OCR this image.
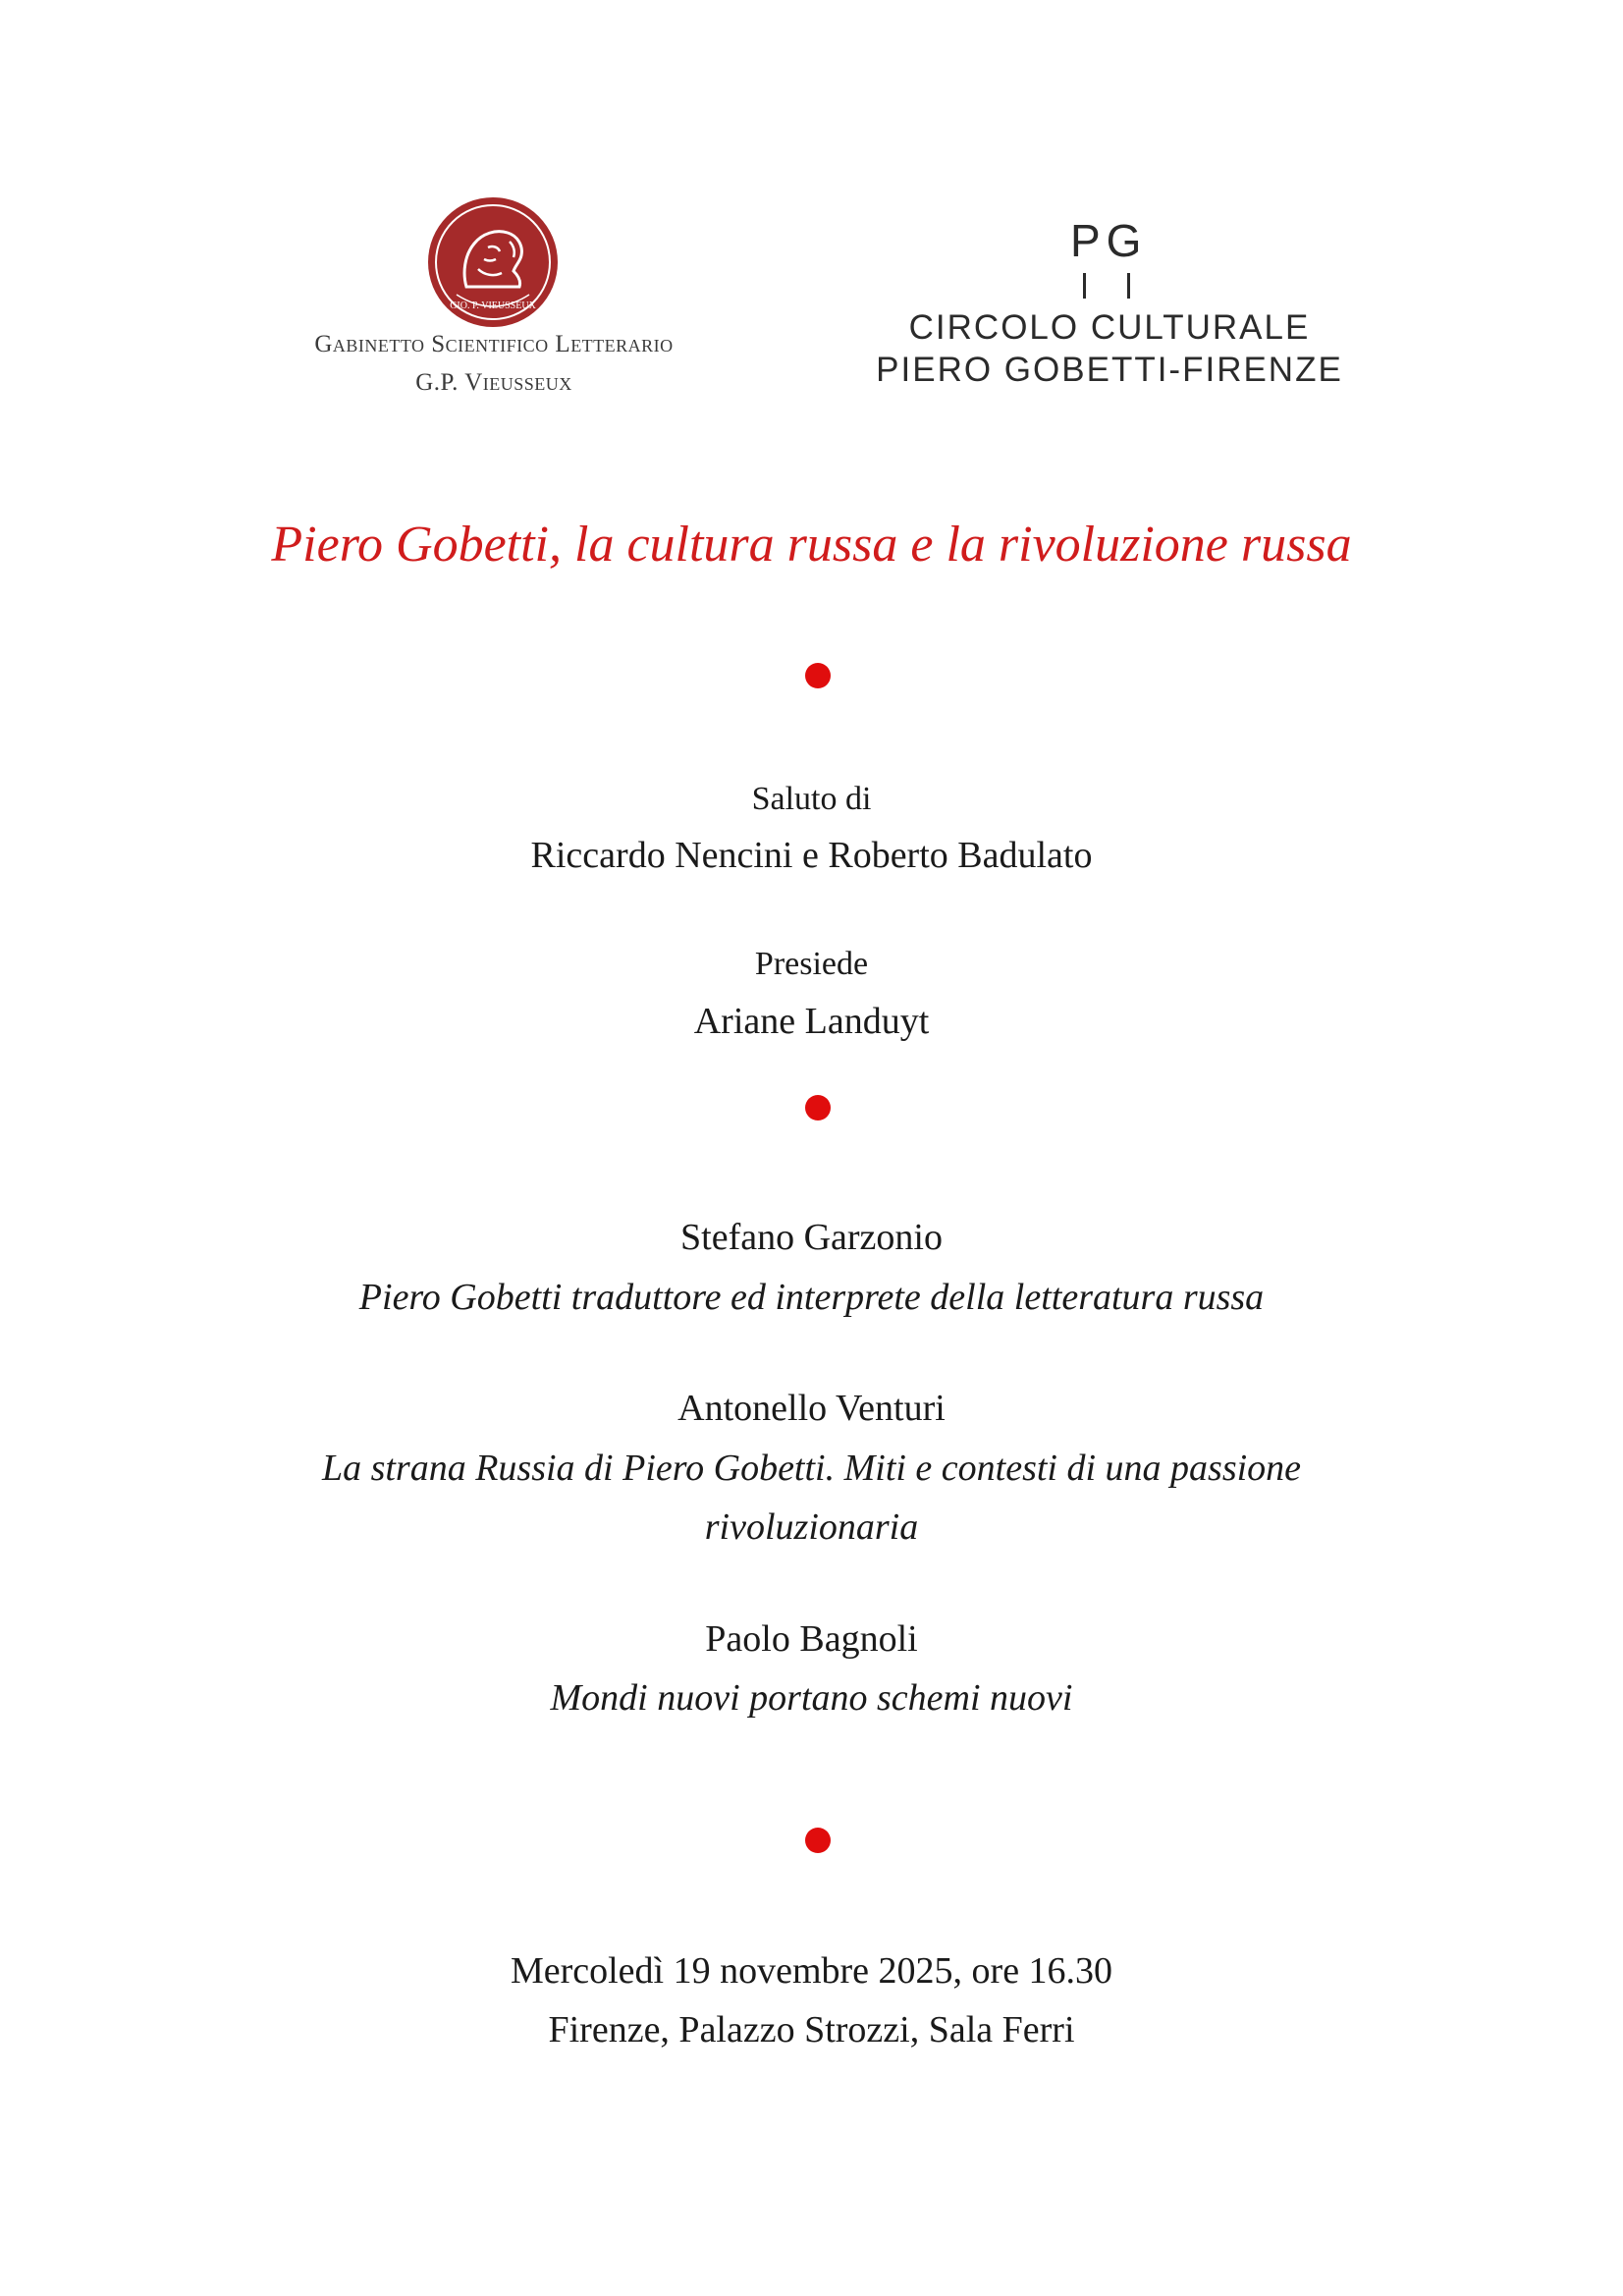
GIO. P. VIEUSSEUX
Gabinetto Scientifico Letterario
G.P. Vieusseux
PG
CIRCOLO CULTURALE
PIERO GOBETTI-FIRENZE
Piero Gobetti, la cultura russa e la rivoluzione russa
Saluto di
Riccardo Nencini e Roberto Badulato
Presiede
Ariane Landuyt
Stefano Garzonio
Piero Gobetti traduttore ed interprete della letteratura russa
Antonello Venturi
La strana Russia di Piero Gobetti. Miti e contesti di una passione
rivoluzionaria
Paolo Bagnoli
Mondi nuovi portano schemi nuovi
Mercoledì 19 novembre 2025, ore 16.30
Firenze, Palazzo Strozzi, Sala Ferri
